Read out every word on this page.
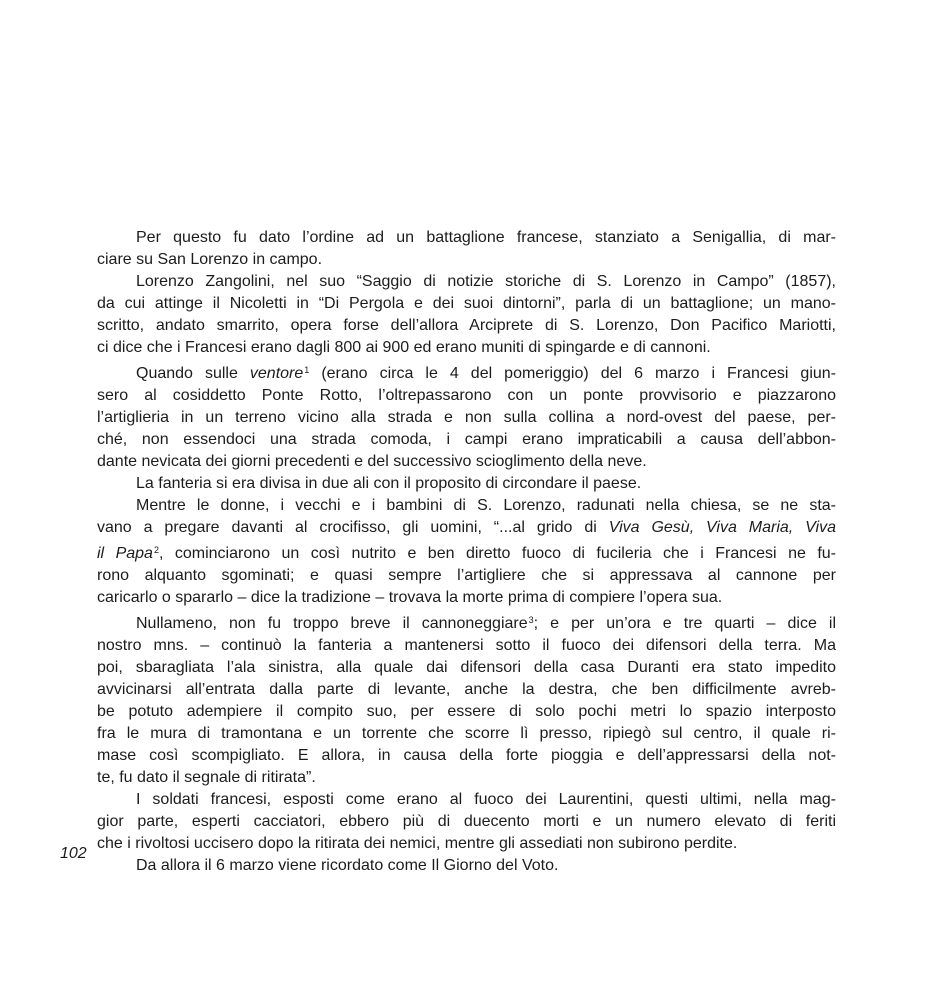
Per questo fu dato l’ordine ad un battaglione francese, stanziato a Senigallia, di mar-
ciare su San Lorenzo in campo.
Lorenzo Zangolini, nel suo “Saggio di notizie storiche di S. Lorenzo in Campo” (1857),
da cui attinge il Nicoletti in “Di Pergola e dei suoi dintorni”, parla di un battaglione; un mano-
scritto, andato smarrito, opera forse dell’allora Arciprete di S. Lorenzo, Don Pacifico Mariotti,
ci dice che i Francesi erano dagli 800 ai 900 ed erano muniti di spingarde e di cannoni.
Quando sulle ventore$^1$ (erano circa le 4 del pomeriggio) del 6 marzo i Francesi giun-
sero al cosiddetto Ponte Rotto, l’oltrepassarono con un ponte provvisorio e piazzarono
l’artiglieria in un terreno vicino alla strada e non sulla collina a nord-ovest del paese, per-
ché, non essendoci una strada comoda, i campi erano impraticabili a causa dell’abbon-
dante nevicata dei giorni precedenti e del successivo scioglimento della neve.
La fanteria si era divisa in due ali con il proposito di circondare il paese.
Mentre le donne, i vecchi e i bambini di S. Lorenzo, radunati nella chiesa, se ne sta-
vano a pregare davanti al crocifisso, gli uomini, “...al grido di Viva Gesù, Viva Maria, Viva
il Papa$^2$, cominciarono un così nutrito e ben diretto fuoco di fucileria che i Francesi ne fu-
rono alquanto sgominati; e quasi sempre l’artigliere che si appressava al cannone per
caricarlo o spararlo – dice la tradizione – trovava la morte prima di compiere l’opera sua.
Nullameno, non fu troppo breve il cannoneggiare$^3$; e per un’ora e tre quarti – dice il
nostro mns. – continuò la fanteria a mantenersi sotto il fuoco dei difensori della terra. Ma
poi, sbaragliata l’ala sinistra, alla quale dai difensori della casa Duranti era stato impedito
avvicinarsi all’entrata dalla parte di levante, anche la destra, che ben difficilmente avreb-
be potuto adempiere il compito suo, per essere di solo pochi metri lo spazio interposto
fra le mura di tramontana e un torrente che scorre lì presso, ripiegò sul centro, il quale ri-
mase così scompigliato. E allora, in causa della forte pioggia e dell’appressarsi della not-
te, fu dato il segnale di ritirata”.
I soldati francesi, esposti come erano al fuoco dei Laurentini, questi ultimi, nella mag-
gior parte, esperti cacciatori, ebbero più di duecento morti e un numero elevato di feriti
che i rivoltosi uccisero dopo la ritirata dei nemici, mentre gli assediati non subirono perdite.
Da allora il 6 marzo viene ricordato come Il Giorno del Voto.
102
